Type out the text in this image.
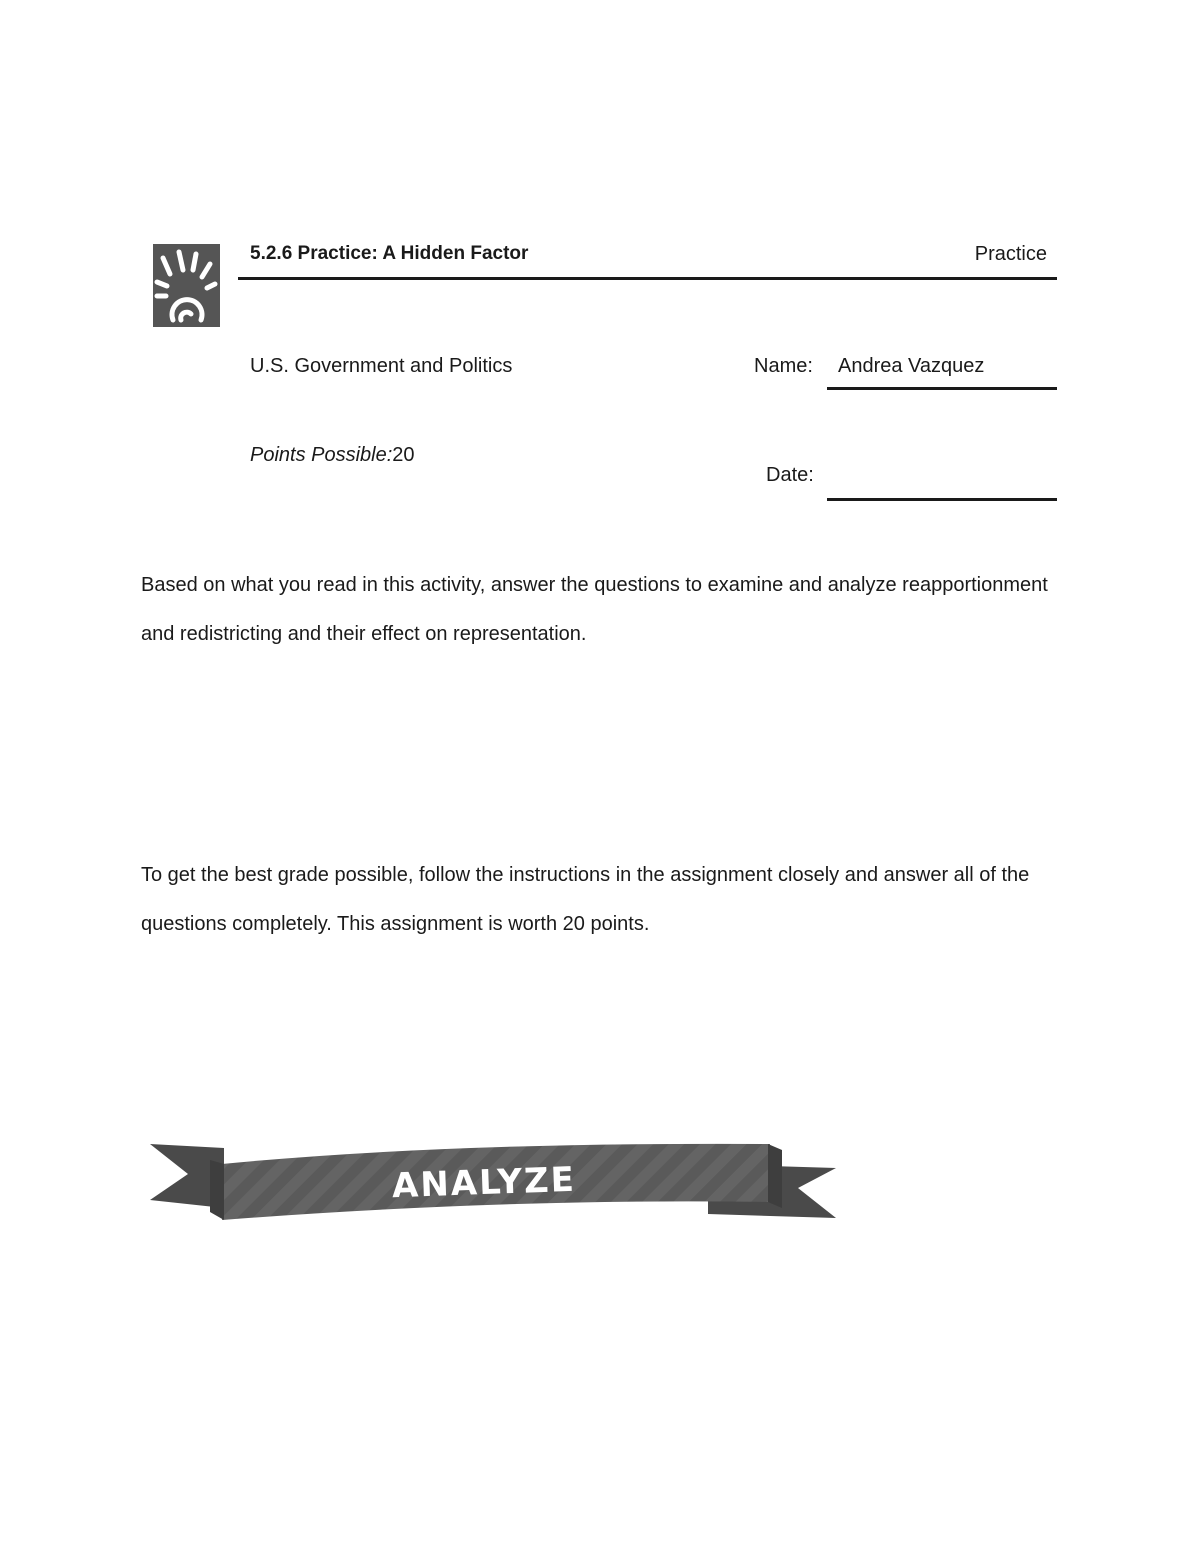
5.2.6 Practice: A Hidden Factor	Practice
U.S. Government and Politics	Name: Andrea Vazquez
Points Possible:20
Date:
Based on what you read in this activity, answer the questions to examine and analyze reapportionment and redistricting and their effect on representation.
To get the best grade possible, follow the instructions in the assignment closely and answer all of the questions completely. This assignment is worth 20 points.
ANALYZE
